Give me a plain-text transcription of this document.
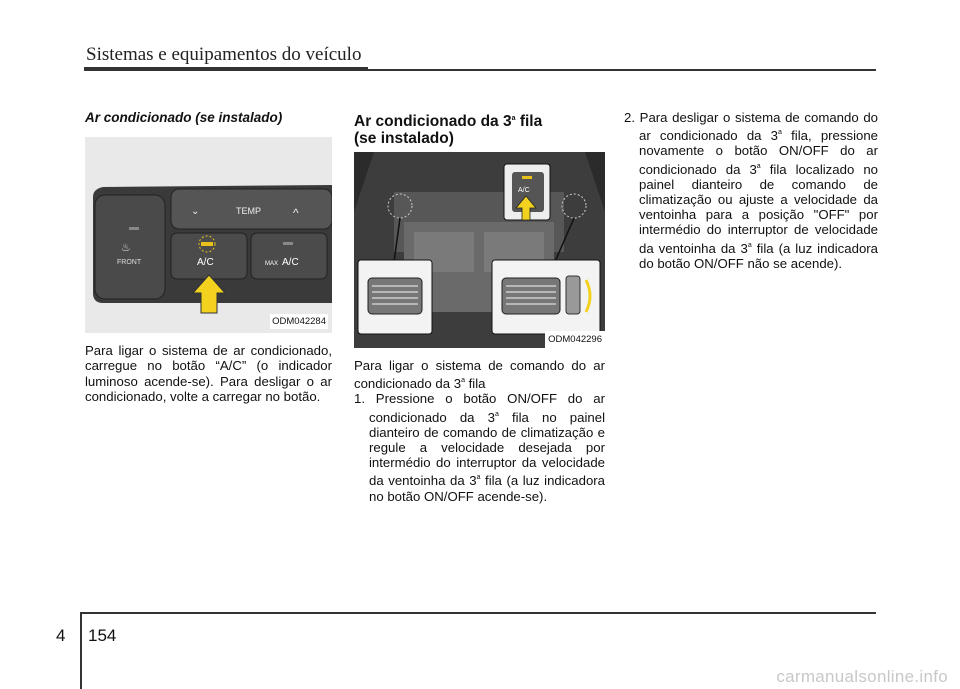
Sistemas e equipamentos do veículo
Ar condicionado (se instalado)
♨
FRONT
⌄	TEMP	^
A/C	MAX A/C
ODM042284

Para ligar o sistema de ar condicionado, carregue no botão “A/C” (o indicador luminoso acende-se). Para desligar o ar condicionado, volte a carregar no botão.

Ar condicionado da 3$^a$ fila
(se instalado)
A/C
ODM042296

Para ligar o sistema de comando do ar condicionado da 3$^a$ fila

1. Pressione o botão ON/OFF do ar condicionado da 3$^a$ fila no painel dianteiro de comando de climatização e regule a velocidade desejada por intermédio do interruptor da velocidade da ventoinha da 3$^a$ fila (a luz indicadora no botão ON/OFF acende-se).

2. Para desligar o sistema de comando do ar condicionado da 3$^a$ fila, pressione novamente o botão ON/OFF do ar condicionado da 3$^a$ fila localizado no painel dianteiro de comando de climatização ou ajuste a velocidade da ventoinha para a posição "OFF" por intermédio do interruptor de velocidade da ventoinha da 3$^a$ fila (a luz indicadora do botão ON/OFF não se acende).

4 154
carmanualsonline.info
